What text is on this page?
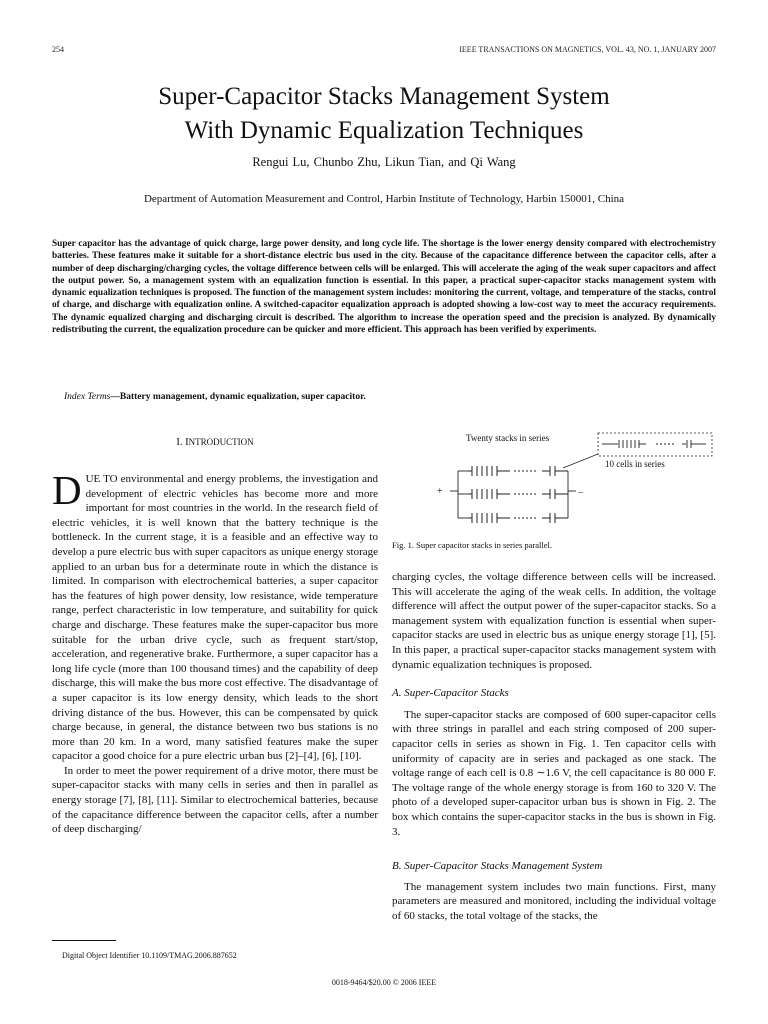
254	IEEE TRANSACTIONS ON MAGNETICS, VOL. 43, NO. 1, JANUARY 2007
Super-Capacitor Stacks Management System
With Dynamic Equalization Techniques
Rengui Lu, Chunbo Zhu, Likun Tian, and Qi Wang
Department of Automation Measurement and Control, Harbin Institute of Technology, Harbin 150001, China
Super capacitor has the advantage of quick charge, large power density, and long cycle life. The shortage is the lower energy density compared with electrochemistry batteries. These features make it suitable for a short-distance electric bus used in the city. Because of the capacitance difference between the capacitor cells, after a number of deep discharging/charging cycles, the voltage difference between cells will be enlarged. This will accelerate the aging of the weak super capacitors and affect the output power. So, a management system with an equalization function is essential. In this paper, a practical super-capacitor stacks management system with dynamic equalization techniques is proposed. The function of the management system includes: monitoring the current, voltage, and temperature of the stacks, control of charge, and discharge with equalization online. A switched-capacitor equalization approach is adopted showing a low-cost way to meet the accuracy requirements. The dynamic equalized charging and discharging circuit is described. The algorithm to increase the operation speed and the precision is analyzed. By dynamically redistributing the current, the equalization procedure can be quicker and more efficient. This approach has been verified by experiments.
Index Terms—Battery management, dynamic equalization, super capacitor.
I. INTRODUCTION

DUE TO environmental and energy problems, the investigation and development of electric vehicles has become more and more important for most countries in the world. In the research field of electric vehicles, it is well known that the battery technique is the bottleneck. In the current stage, it is a feasible and an effective way to develop a pure electric bus with super capacitors as unique energy storage applied to an urban bus for a determinate route in which the distance is limited. In comparison with electrochemical batteries, a super capacitor has the features of high power density, low resistance, wide temperature range, perfect characteristic in low temperature, and suitability for quick charge and discharge. These features make the super-capacitor bus more suitable for the urban drive cycle, such as frequent start/stop, acceleration, and regenerative brake. Furthermore, a super capacitor has a long life cycle (more than 100 thousand times) and the capability of deep discharge, this will make the bus more cost effective. The disadvantage of a super capacitor is its low energy density, which leads to the short driving distance of the bus. However, this can be compensated by quick charge because, in general, the distance between two bus stations is no more than 20 km. In a word, many satisfied features make the super capacitor a good choice for a pure electric urban bus [2]–[4], [6], [10].

In order to meet the power requirement of a drive motor, there must be super-capacitor stacks with many cells in series and then in parallel as energy storage [7], [8], [11]. Similar to electrochemical batteries, because of the capacitance difference between the capacitor cells, after a number of deep discharging/

Digital Object Identifier 10.1109/TMAG.2006.887652
Twenty stacks in series
10 cells in series
+	−
Fig. 1. Super capacitor stacks in series parallel.

charging cycles, the voltage difference between cells will be increased. This will accelerate the aging of the weak cells. In addition, the voltage difference will affect the output power of the super-capacitor stacks. So a management system with equalization function is essential when super-capacitor stacks are used in electric bus as unique energy storage [1], [5]. In this paper, a practical super-capacitor stacks management system with dynamic equalization techniques is proposed.

A. Super-Capacitor Stacks

The super-capacitor stacks are composed of 600 super-capacitor cells with three strings in parallel and each string composed of 200 super-capacitor cells in series as shown in Fig. 1. Ten capacitor cells with uniformity of capacity are in series and packaged as one stack. The voltage range of each cell is 0.8 ∼1.6 V, the cell capacitance is 80 000 F. The voltage range of the whole energy storage is from 160 to 320 V. The photo of a developed super-capacitor urban bus is shown in Fig. 2. The box which contains the super-capacitor stacks in the bus is shown in Fig. 3.

B. Super-Capacitor Stacks Management System

The management system includes two main functions. First, many parameters are measured and monitored, including the individual voltage of 60 stacks, the total voltage of the stacks, the

0018-9464/$20.00 © 2006 IEEE
